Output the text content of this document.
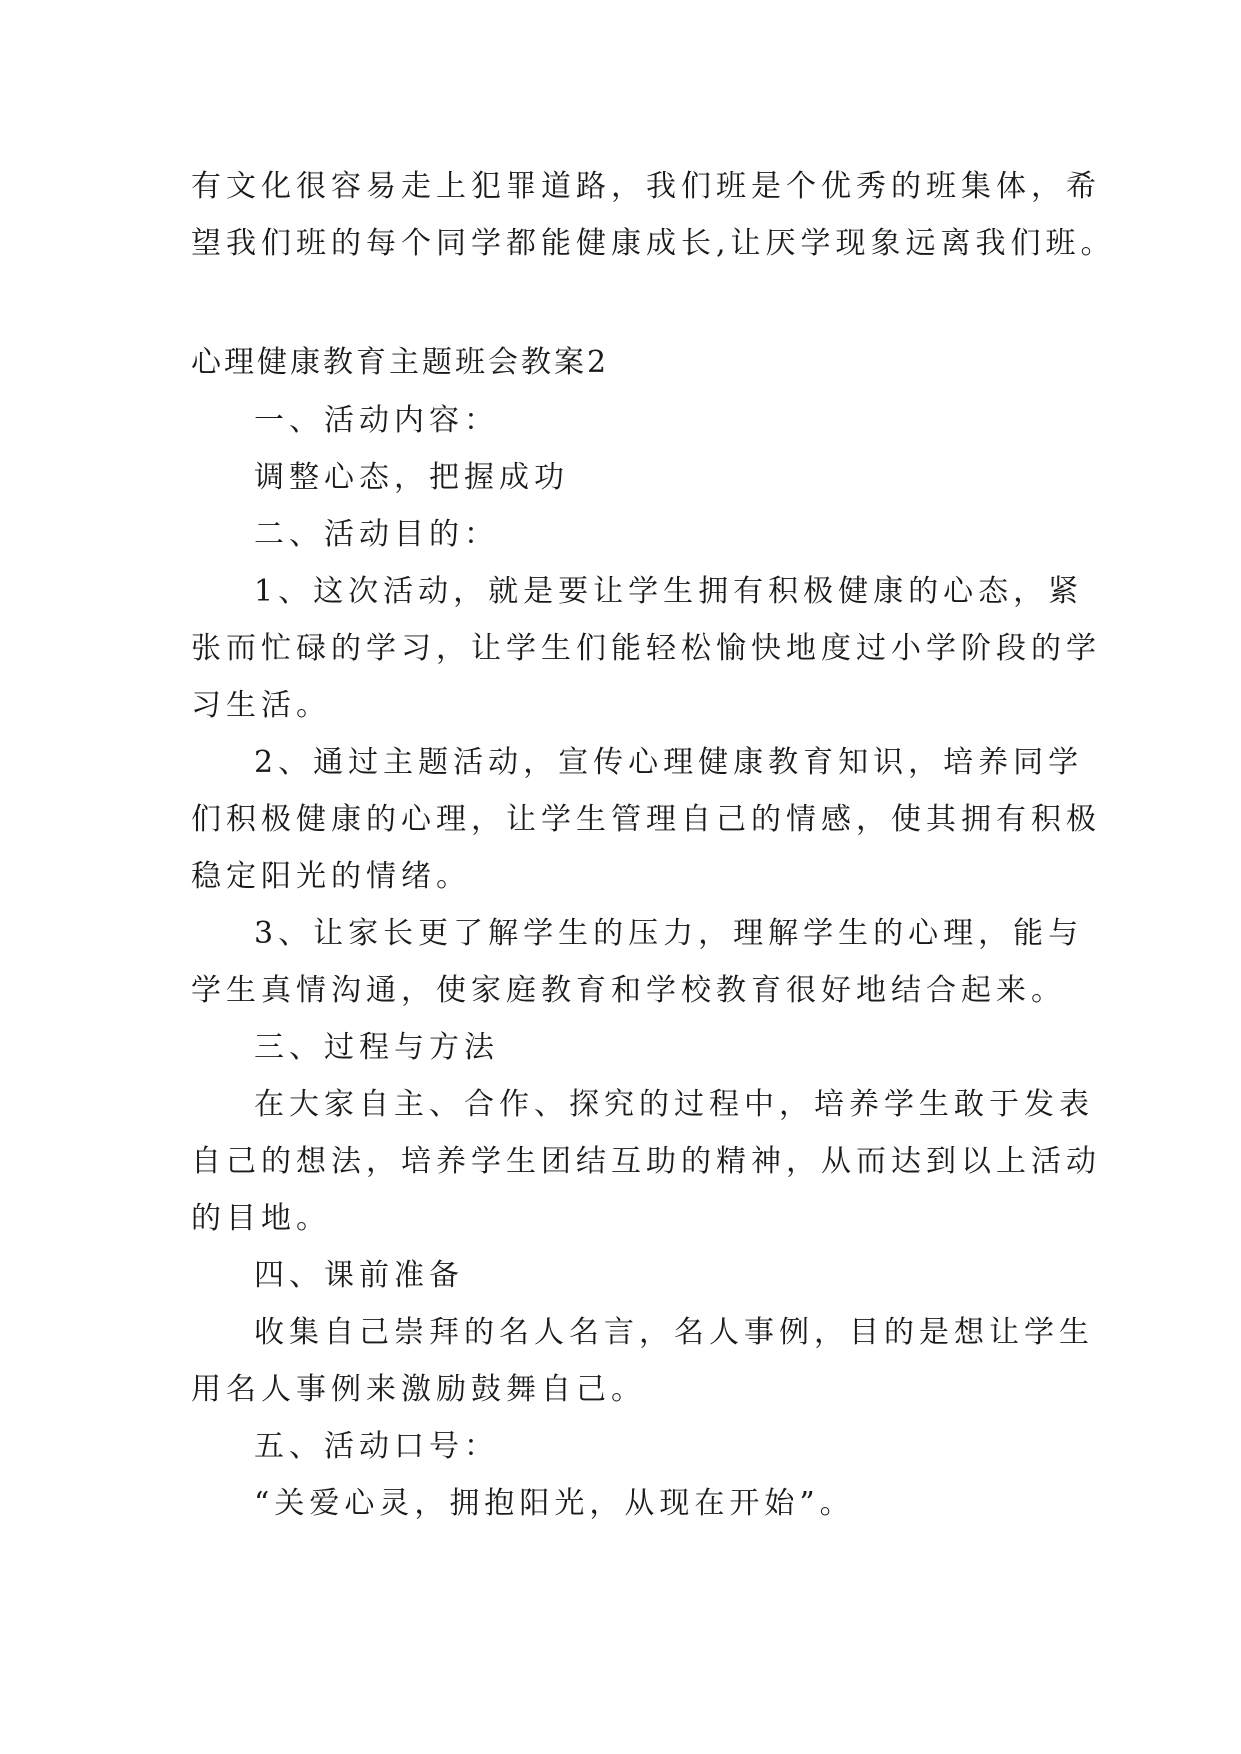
有文化很容易走上犯罪道路，我们班是个优秀的班集体，希
望我们班的每个同学都能健康成长,让厌学现象远离我们班。
心理健康教育主题班会教案2
一、活动内容：
调整心态，把握成功
二、活动目的：
1、这次活动，就是要让学生拥有积极健康的心态，紧
张而忙碌的学习，让学生们能轻松愉快地度过小学阶段的学
习生活。
2、通过主题活动，宣传心理健康教育知识，培养同学
们积极健康的心理，让学生管理自己的情感，使其拥有积极
稳定阳光的情绪。
3、让家长更了解学生的压力，理解学生的心理，能与
学生真情沟通，使家庭教育和学校教育很好地结合起来。
三、过程与方法
在大家自主、合作、探究的过程中，培养学生敢于发表
自己的想法，培养学生团结互助的精神，从而达到以上活动
的目地。
四、课前准备
收集自己崇拜的名人名言，名人事例，目的是想让学生
用名人事例来激励鼓舞自己。
五、活动口号：
“关爱心灵，拥抱阳光，从现在开始”。
